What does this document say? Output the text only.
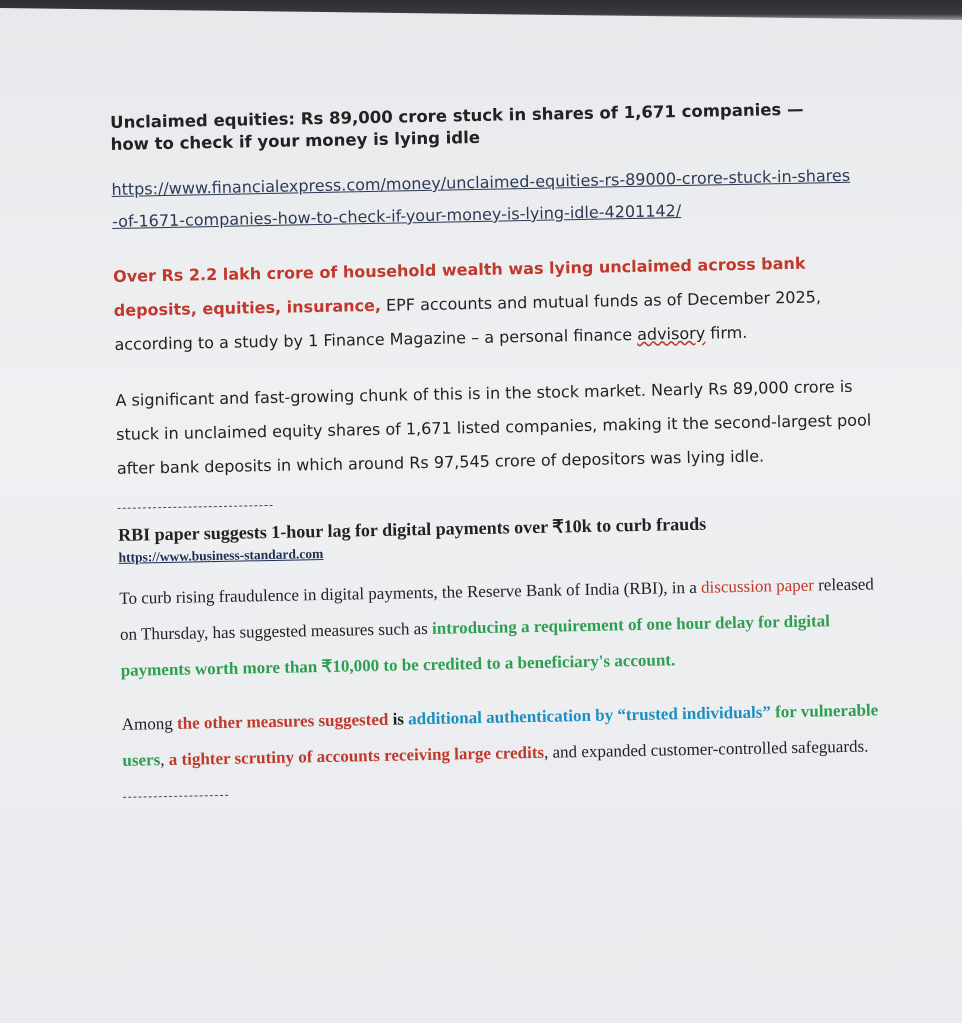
Unclaimed equities: Rs 89,000 crore stuck in shares of 1,671 companies — how to check if your money is lying idle
https://www.financialexpress.com/money/unclaimed-equities-rs-89000-crore-stuck-in-shares-of-1671-companies-how-to-check-if-your-money-is-lying-idle-4201142/

Over Rs 2.2 lakh crore of household wealth was lying unclaimed across bank deposits, equities, insurance, EPF accounts and mutual funds as of December 2025, according to a study by 1 Finance Magazine – a personal finance advisory firm.

A significant and fast-growing chunk of this is in the stock market. Nearly Rs 89,000 crore is stuck in unclaimed equity shares of 1,671 listed companies, making it the second-largest pool after bank deposits in which around Rs 97,545 crore of depositors was lying idle.

RBI paper suggests 1-hour lag for digital payments over ₹10k to curb frauds
https://www.business-standard.com

To curb rising fraudulence in digital payments, the Reserve Bank of India (RBI), in a discussion paper released on Thursday, has suggested measures such as introducing a requirement of one hour delay for digital payments worth more than ₹10,000 to be credited to a beneficiary's account.

Among the other measures suggested is additional authentication by “trusted individuals” for vulnerable users, a tighter scrutiny of accounts receiving large credits, and expanded customer-controlled safeguards.
